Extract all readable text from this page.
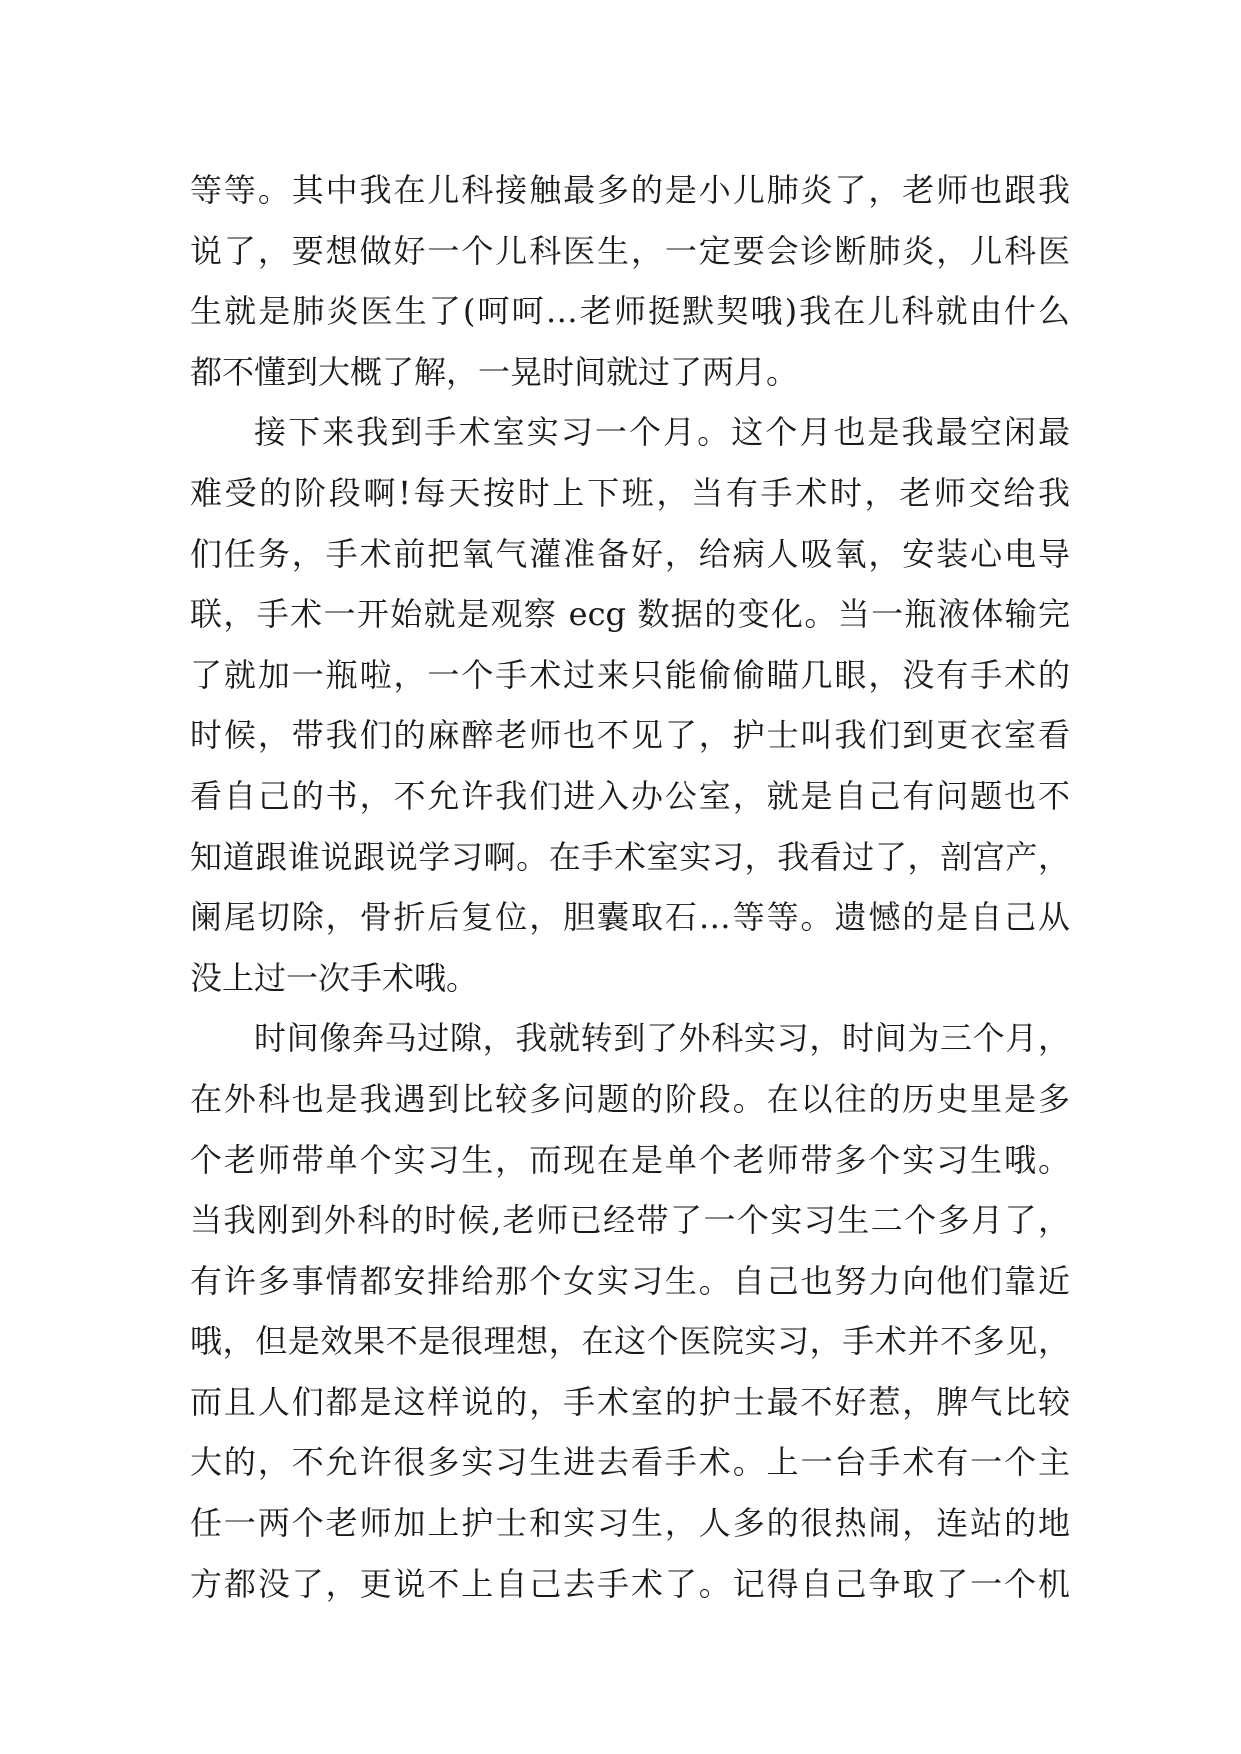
等等。其中我在儿科接触最多的是小儿肺炎了，老师也跟我
说了，要想做好一个儿科医生，一定要会诊断肺炎，儿科医
生就是肺炎医生了(呵呵…老师挺默契哦)我在儿科就由什么
都不懂到大概了解，一晃时间就过了两月。
接下来我到手术室实习一个月。这个月也是我最空闲最
难受的阶段啊!每天按时上下班，当有手术时，老师交给我
们任务，手术前把氧气灌准备好，给病人吸氧，安装心电导
联，手术一开始就是观察 ecg 数据的变化。当一瓶液体输完
了就加一瓶啦，一个手术过来只能偷偷瞄几眼，没有手术的
时候，带我们的麻醉老师也不见了，护士叫我们到更衣室看
看自己的书，不允许我们进入办公室，就是自己有问题也不
知道跟谁说跟说学习啊。在手术室实习，我看过了，剖宫产，
阑尾切除，骨折后复位，胆囊取石…等等。遗憾的是自己从
没上过一次手术哦。
时间像奔马过隙，我就转到了外科实习，时间为三个月，
在外科也是我遇到比较多问题的阶段。在以往的历史里是多
个老师带单个实习生，而现在是单个老师带多个实习生哦。
当我刚到外科的时候,老师已经带了一个实习生二个多月了，
有许多事情都安排给那个女实习生。自己也努力向他们靠近
哦，但是效果不是很理想，在这个医院实习，手术并不多见，
而且人们都是这样说的，手术室的护士最不好惹，脾气比较
大的，不允许很多实习生进去看手术。上一台手术有一个主
任一两个老师加上护士和实习生，人多的很热闹，连站的地
方都没了，更说不上自己去手术了。记得自己争取了一个机
